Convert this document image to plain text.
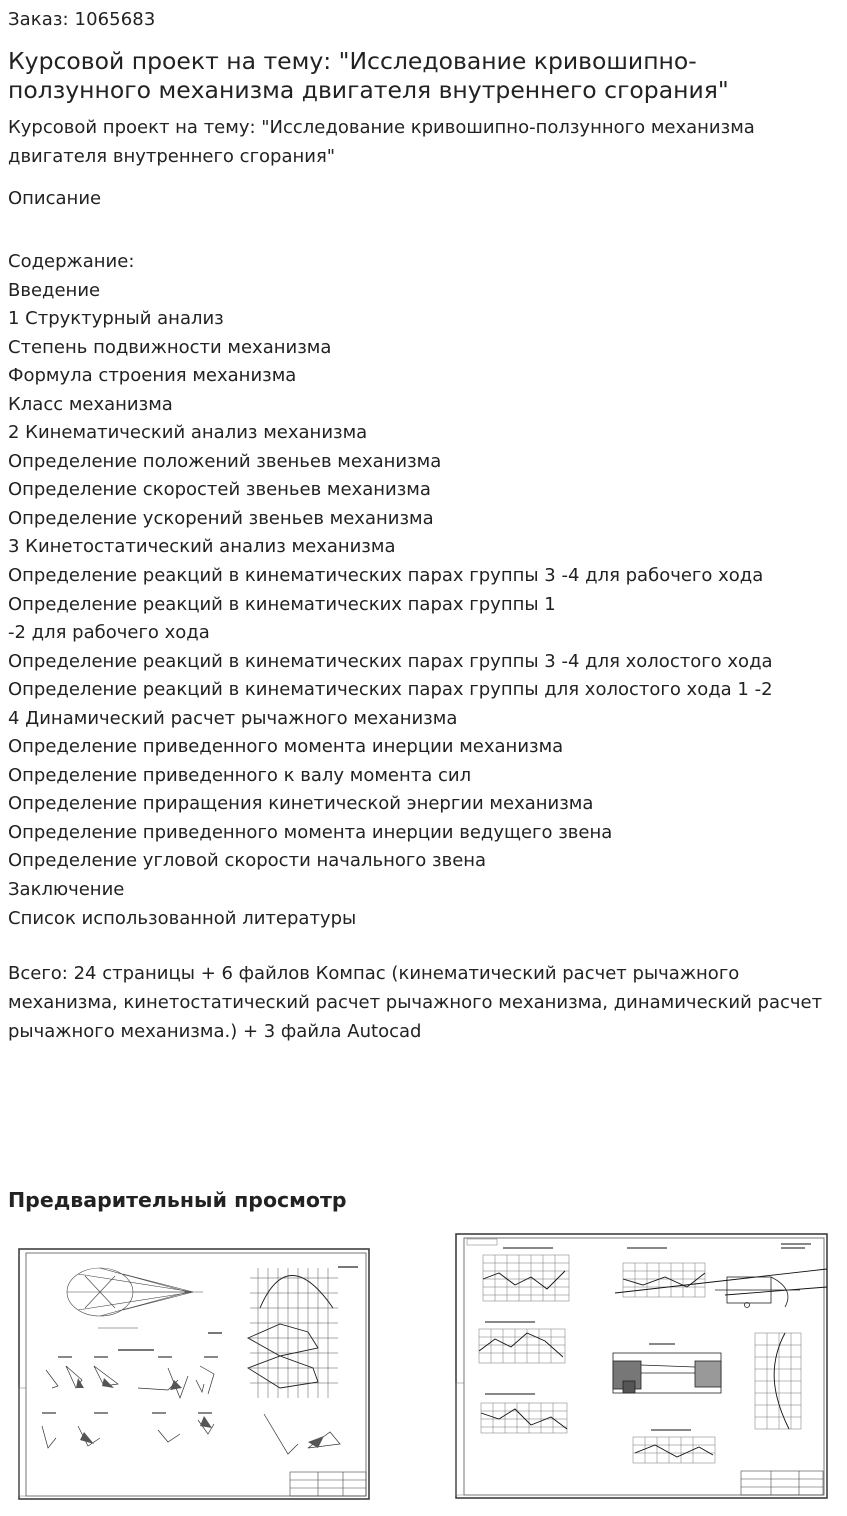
Заказ: 1065683
Курсовой проект на тему: "Исследование кривошипно-ползунного механизма двигателя внутреннего сгорания"
Курсовой проект на тему: "Исследование кривошипно-ползунного механизма двигателя внутреннего сгорания"
Описание
Содержание:
Введение
1 Структурный анализ
Степень подвижности механизма
Формула строения механизма
Класс механизма
2 Кинематический анализ механизма
Определение положений звеньев механизма
Определение скоростей звеньев механизма
Определение ускорений звеньев механизма
3 Кинетостатический анализ механизма
Определение реакций в кинематических парах группы 3 -4 для рабочего хода
Определение реакций в кинематических парах группы 1
-2 для рабочего хода
Определение реакций в кинематических парах группы 3 -4 для холостого хода
Определение реакций в кинематических парах группы для холостого хода 1 -2
4 Динамический расчет рычажного механизма
Определение приведенного момента инерции механизма
Определение приведенного к валу момента сил
Определение приращения кинетической энергии механизма
Определение приведенного момента инерции ведущего звена
Определение угловой скорости начального звена
Заключение
Список использованной литературы
Всего: 24 страницы + 6 файлов Компас (кинематический расчет рычажного механизма, кинетостатический расчет рычажного механизма, динамический расчет рычажного механизма.) + 3 файла Autocad
Предварительный просмотр
